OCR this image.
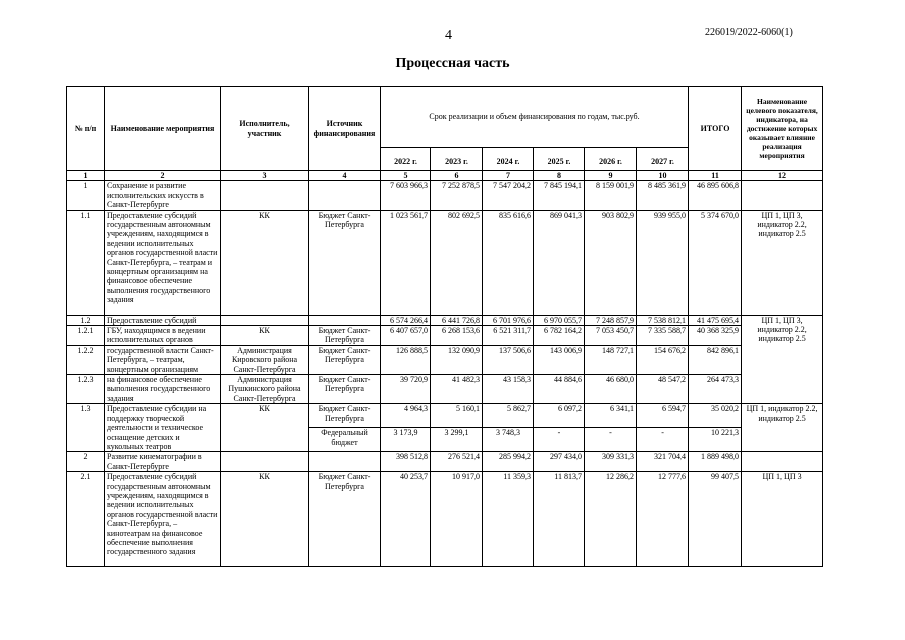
4	226019/2022-6060(1)
Процессная часть
№ п/п	Наименование мероприятия	Исполнитель, участник	Источник финансирования	Срок реализации и объем финансирования по годам, тыс.руб.						ИТОГО	Наименование целевого показателя, индикатора, на достижение которых оказывает влияние реализация мероприятия

				2022 г.	2023 г.	2024 г.	2025 г.	2026 г.	2027 г.		

1	2	3	4	5	6	7	8	9	10	11	12
1	Сохранение и развитие исполнительских искусств в Санкт-Петербурге			7 603 966,3	7 252 878,5	7 547 204,2	7 845 194,1	8 159 001,9	8 485 361,9	46 895 606,8	
1.1	Предоставление субсидий государственным автономным учреждениям, находящимся в ведении исполнительных органов государственной власти Санкт-Петербурга, – театрам и концертным организациям на финансовое обеспечение выполнения государственного задания	КК	Бюджет Санкт-Петербурга	1 023 561,7	802 692,5	835 616,6	869 041,3	903 802,9	939 955,0	5 374 670,0	ЦП 1, ЦП 3, индикатор 2.2, индикатор 2.5
1.2	Предоставление субсидий			6 574 266,4	6 441 726,8	6 701 976,6	6 970 055,7	7 248 857,9	7 538 812,1	41 475 695,4	ЦП 1, ЦП 3, индикатор 2.2, индикатор 2.5
1.2.1	ГБУ, находящимся в ведении исполнительных органов	КК	Бюджет Санкт-Петербурга	6 407 657,0	6 268 153,6	6 521 311,7	6 782 164,2	7 053 450,7	7 335 588,7	40 368 325,9	
1.2.2	государственной власти Санкт-Петербурга, – театрам, концертным организациям	Администрация Кировского района Санкт-Петербурга	Бюджет Санкт-Петербурга	126 888,5	132 090,9	137 506,6	143 006,9	148 727,1	154 676,2	842 896,1	
1.2.3	на финансовое обеспечение выполнения государственного задания	Администрация Пушкинского района Санкт-Петербурга	Бюджет Санкт-Петербурга	39 720,9	41 482,3	43 158,3	44 884,6	46 680,0	48 547,2	264 473,3	
1.3	Предоставление субсидии на поддержку творческой деятельности и техническое оснащение детских и кукольных театров	КК	Бюджет Санкт-Петербурга	4 964,3	5 160,1	5 862,7	6 097,2	6 341,1	6 594,7	35 020,2	ЦП 1, индикатор 2.2, индикатор 2.5
			Федеральный бюджет	3 173,9	3 299,1	3 748,3	-	-	-	10 221,3	
2	Развитие кинематографии в Санкт-Петербурге			398 512,8	276 521,4	285 994,2	297 434,0	309 331,3	321 704,4	1 889 498,0	
2.1	Предоставление субсидий государственным автономным учреждениям, находящимся в ведении исполнительных органов государственной власти Санкт-Петербурга, – кинотеатрам на финансовое обеспечение выполнения государственного задания	КК	Бюджет Санкт-Петербурга	40 253,7	10 917,0	11 359,3	11 813,7	12 286,2	12 777,6	99 407,5	ЦП 1, ЦП 3
